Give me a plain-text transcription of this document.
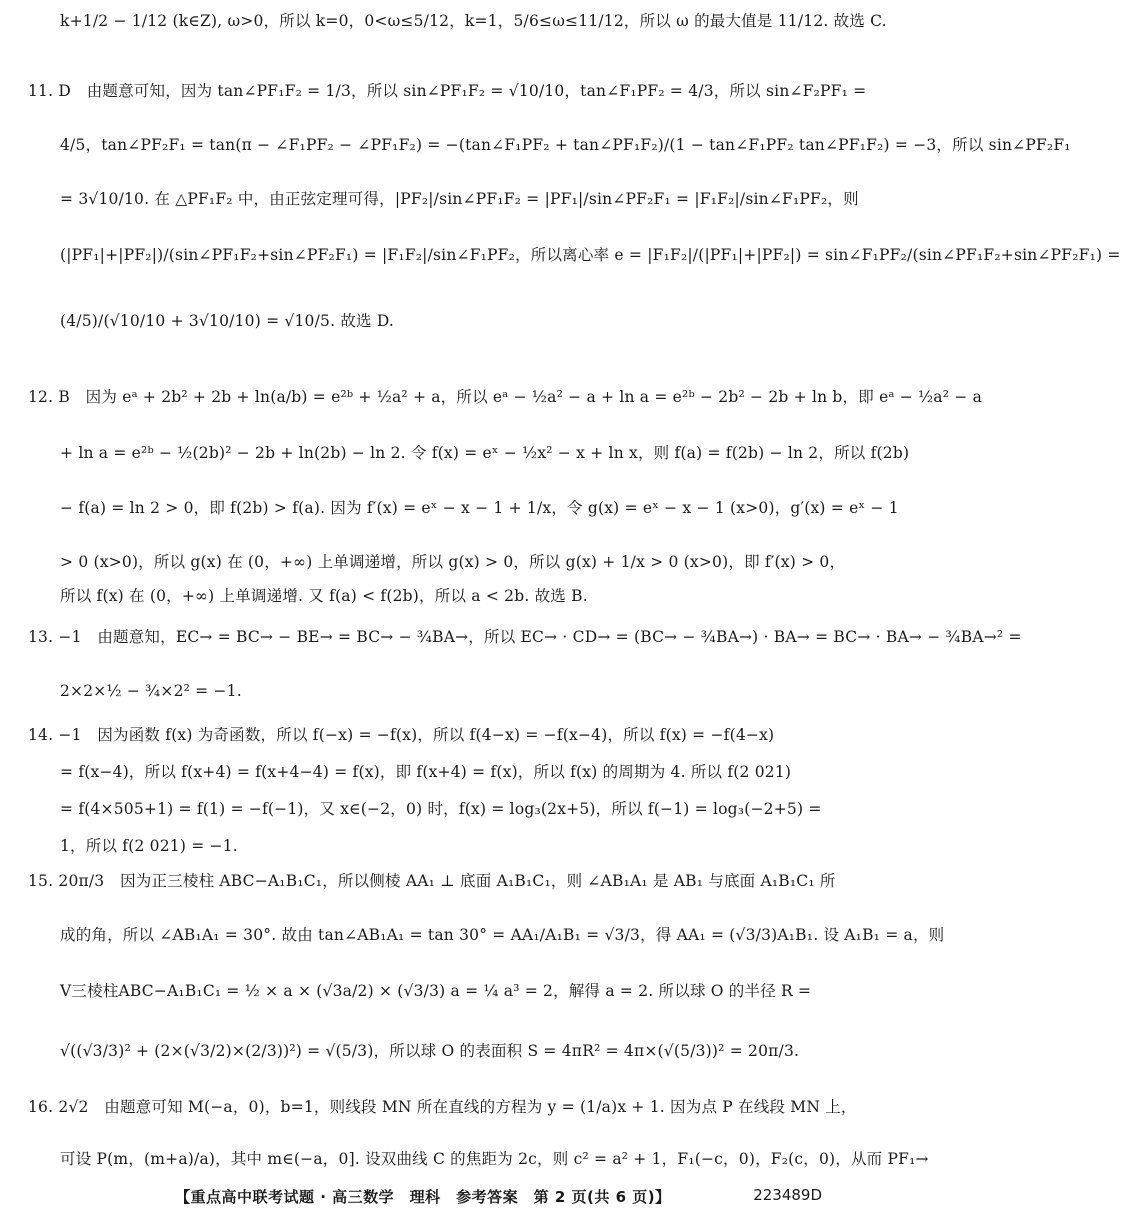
k+1/2 − 1/12 (k∈Z), ω>0，所以 k=0，0<ω≤5/12，k=1，5/6≤ω≤11/12，所以 ω 的最大值是 11/12. 故选 C.
11. D　由题意可知，因为 tan∠PF₁F₂ = 1/3，所以 sin∠PF₁F₂ = √10/10，tan∠F₁PF₂ = 4/3，所以 sin∠F₂PF₁ =
4/5，tan∠PF₂F₁ = tan(π − ∠F₁PF₂ − ∠PF₁F₂) = −(tan∠F₁PF₂ + tan∠PF₁F₂)/(1 − tan∠F₁PF₂ tan∠PF₁F₂) = −3，所以 sin∠PF₂F₁
= 3√10/10. 在 △PF₁F₂ 中，由正弦定理可得，|PF₂|/sin∠PF₁F₂ = |PF₁|/sin∠PF₂F₁ = |F₁F₂|/sin∠F₁PF₂，则
(|PF₁|+|PF₂|)/(sin∠PF₁F₂+sin∠PF₂F₁) = |F₁F₂|/sin∠F₁PF₂，所以离心率 e = |F₁F₂|/(|PF₁|+|PF₂|) = sin∠F₁PF₂/(sin∠PF₁F₂+sin∠PF₂F₁) =
(4/5)/(√10/10 + 3√10/10) = √10/5. 故选 D.
12. B　因为 eᵃ + 2b² + 2b + ln(a/b) = e²ᵇ + ½a² + a，所以 eᵃ − ½a² − a + ln a = e²ᵇ − 2b² − 2b + ln b，即 eᵃ − ½a² − a
+ ln a = e²ᵇ − ½(2b)² − 2b + ln(2b) − ln 2. 令 f(x) = eˣ − ½x² − x + ln x，则 f(a) = f(2b) − ln 2，所以 f(2b)
− f(a) = ln 2 > 0，即 f(2b) > f(a). 因为 f′(x) = eˣ − x − 1 + 1/x，令 g(x) = eˣ − x − 1 (x>0)，g′(x) = eˣ − 1
> 0 (x>0)，所以 g(x) 在 (0，+∞) 上单调递增，所以 g(x) > 0，所以 g(x) + 1/x > 0 (x>0)，即 f′(x) > 0，
所以 f(x) 在 (0，+∞) 上单调递增. 又 f(a) < f(2b)，所以 a < 2b. 故选 B.
13. −1　由题意知，EC→ = BC→ − BE→ = BC→ − ¾BA→，所以 EC→ · CD→ = (BC→ − ¾BA→) · BA→ = BC→ · BA→ − ¾BA→² =
2×2×½ − ¾×2² = −1.
14. −1　因为函数 f(x) 为奇函数，所以 f(−x) = −f(x)，所以 f(4−x) = −f(x−4)，所以 f(x) = −f(4−x)
= f(x−4)，所以 f(x+4) = f(x+4−4) = f(x)，即 f(x+4) = f(x)，所以 f(x) 的周期为 4. 所以 f(2 021)
= f(4×505+1) = f(1) = −f(−1)，又 x∈(−2，0) 时，f(x) = log₃(2x+5)，所以 f(−1) = log₃(−2+5) =
1，所以 f(2 021) = −1.
15. 20π/3　因为正三棱柱 ABC−A₁B₁C₁，所以侧棱 AA₁ ⊥ 底面 A₁B₁C₁，则 ∠AB₁A₁ 是 AB₁ 与底面 A₁B₁C₁ 所
成的角，所以 ∠AB₁A₁ = 30°. 故由 tan∠AB₁A₁ = tan 30° = AA₁/A₁B₁ = √3/3，得 AA₁ = (√3/3)A₁B₁. 设 A₁B₁ = a，则
V三棱柱ABC−A₁B₁C₁ = ½ × a × (√3a/2) × (√3/3) a = ¼ a³ = 2，解得 a = 2. 所以球 O 的半径 R =
√((√3/3)² + (2×(√3/2)×(2/3))²) = √(5/3)，所以球 O 的表面积 S = 4πR² = 4π×(√(5/3))² = 20π/3.
16. 2√2　由题意可知 M(−a，0)，b=1，则线段 MN 所在直线的方程为 y = (1/a)x + 1. 因为点 P 在线段 MN 上，
可设 P(m，(m+a)/a)，其中 m∈(−a，0]. 设双曲线 C 的焦距为 2c，则 c² = a² + 1，F₁(−c，0)，F₂(c，0)，从而 PF₁→
【重点高中联考试题 · 高三数学　理科　参考答案　第 2 页(共 6 页)】	223489D
